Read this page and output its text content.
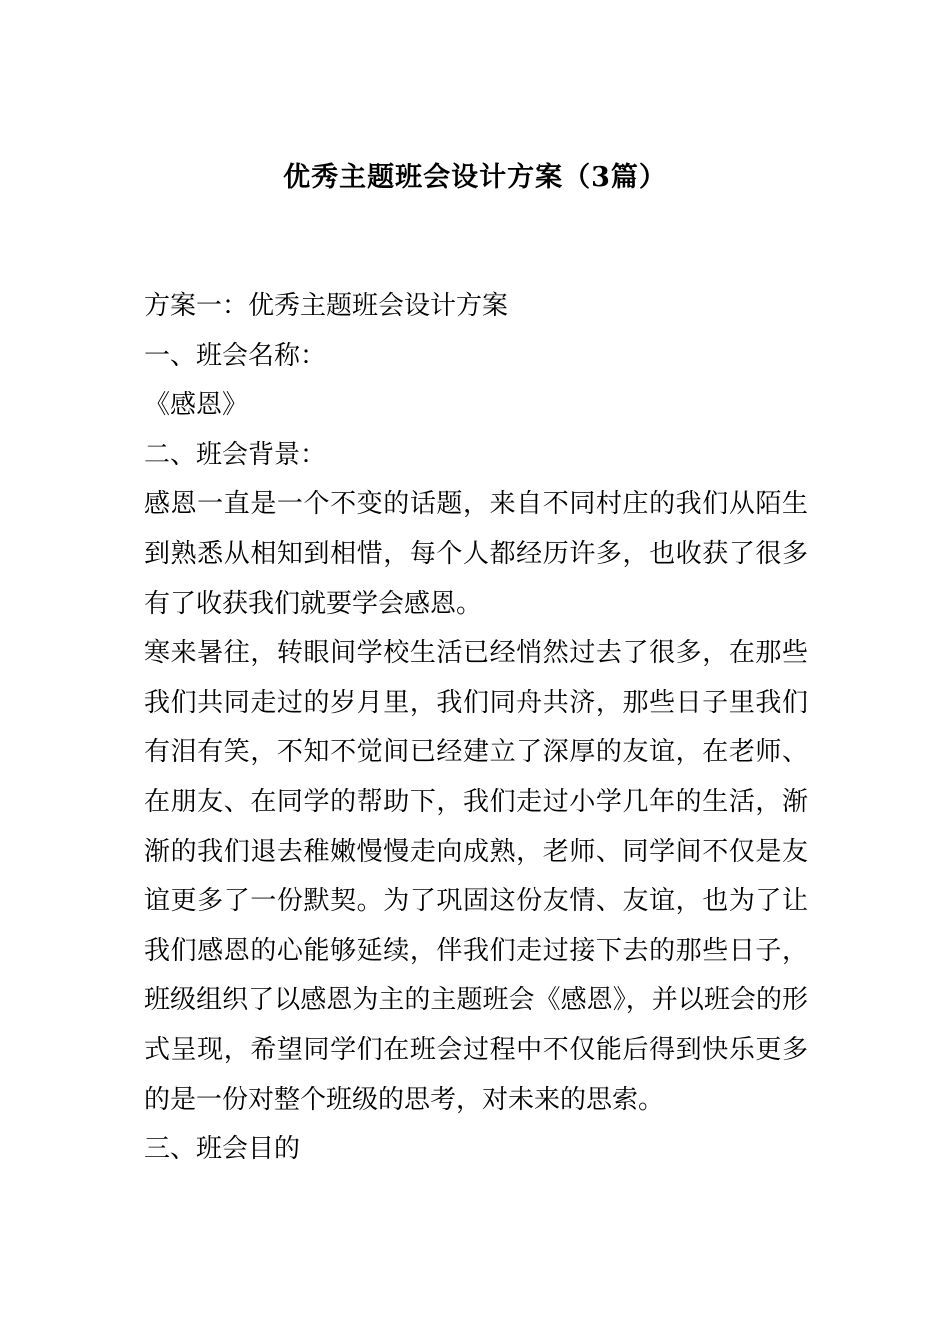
优秀主题班会设计方案（3篇）

方案一：优秀主题班会设计方案

一、班会名称：

《感恩》

二、班会背景：

感恩一直是一个不变的话题，来自不同村庄的我们从陌生到熟悉从相知到相惜，每个人都经历许多，也收获了很多有了收获我们就要学会感恩。

寒来暑往，转眼间学校生活已经悄然过去了很多，在那些我们共同走过的岁月里，我们同舟共济，那些日子里我们有泪有笑，不知不觉间已经建立了深厚的友谊，在老师、在朋友、在同学的帮助下，我们走过小学几年的生活，渐渐的我们退去稚嫩慢慢走向成熟，老师、同学间不仅是友谊更多了一份默契。为了巩固这份友情、友谊，也为了让我们感恩的心能够延续，伴我们走过接下去的那些日子，班级组织了以感恩为主的主题班会《感恩》，并以班会的形式呈现，希望同学们在班会过程中不仅能后得到快乐更多的是一份对整个班级的思考，对未来的思索。

三、班会目的
